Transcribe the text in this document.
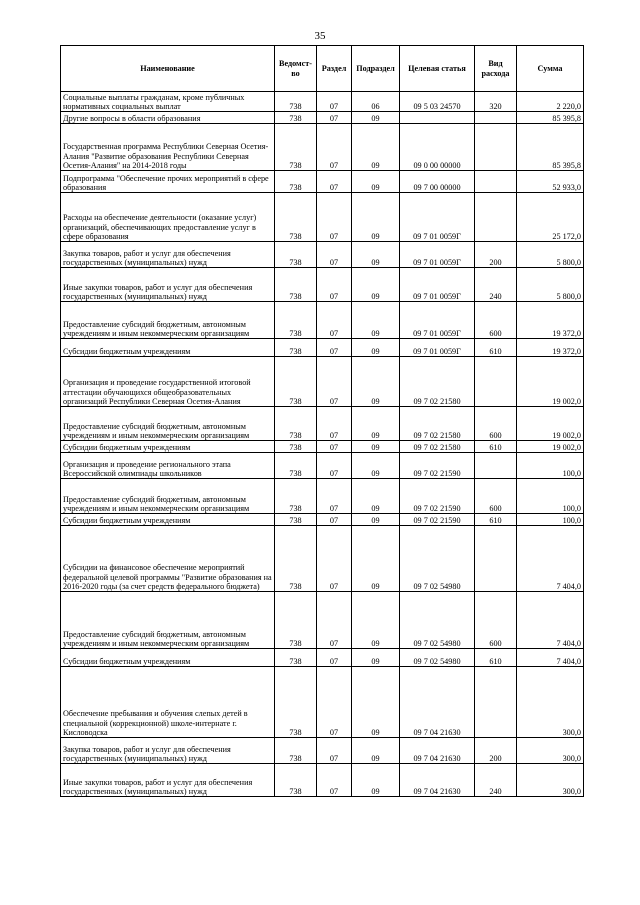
35
Наименование	Ведомст-во	Раздел	Подраздел	Целевая статья	Вид расхода	Сумма
Социальные выплаты гражданам, кроме публичных нормативных социальных выплат	738	07	06	09 5 03 24570	320	2 220,0
Другие вопросы в области образования	738	07	09			85 395,8
Государственная программа Республики Северная Осетия-Алания "Развитие образования Республики Северная Осетия-Алания" на 2014-2018 годы	738	07	09	09 0 00 00000		85 395,8
Подпрограмма "Обеспечение прочих мероприятий в сфере образования	738	07	09	09 7 00 00000		52 933,0
Расходы на обеспечение деятельности (оказание услуг) организаций, обеспечивающих предоставление услуг в сфере образования	738	07	09	09 7 01 0059Г		25 172,0
Закупка товаров, работ и услуг для обеспечения государственных (муниципальных) нужд	738	07	09	09 7 01 0059Г	200	5 800,0
Иные закупки товаров, работ и услуг для обеспечения государственных (муниципальных) нужд	738	07	09	09 7 01 0059Г	240	5 800,0
Предоставление субсидий бюджетным, автономным учреждениям и иным некоммерческим организациям	738	07	09	09 7 01 0059Г	600	19 372,0
Субсидии бюджетным учреждениям	738	07	09	09 7 01 0059Г	610	19 372,0
Организация и проведение государственной итоговой аттестации обучающихся общеобразовательных организаций Республики Северная Осетия-Алания	738	07	09	09 7 02 21580		19 002,0
Предоставление субсидий бюджетным, автономным учреждениям и иным некоммерческим организациям	738	07	09	09 7 02 21580	600	19 002,0
Субсидии бюджетным учреждениям	738	07	09	09 7 02 21580	610	19 002,0
Организация и проведение регионального этапа Всероссийской олимпиады школьников	738	07	09	09 7 02 21590		100,0
Предоставление субсидий бюджетным, автономным учреждениям и иным некоммерческим организациям	738	07	09	09 7 02 21590	600	100,0
Субсидии бюджетным учреждениям	738	07	09	09 7 02 21590	610	100,0
Субсидии на финансовое обеспечение мероприятий федеральной целевой программы "Развитие образования на 2016-2020 годы (за счет средств федерального бюджета)	738	07	09	09 7 02 54980		7 404,0
Предоставление субсидий бюджетным, автономным учреждениям и иным некоммерческим организациям	738	07	09	09 7 02 54980	600	7 404,0
Субсидии бюджетным учреждениям	738	07	09	09 7 02 54980	610	7 404,0
Обеспечение пребывания и обучения слепых детей в специальной (коррекционной) школе-интернате г. Кисловодска	738	07	09	09 7 04 21630		300,0
Закупка товаров, работ и услуг для обеспечения государственных (муниципальных) нужд	738	07	09	09 7 04 21630	200	300,0
Иные закупки товаров, работ и услуг для обеспечения государственных (муниципальных) нужд	738	07	09	09 7 04 21630	240	300,0
